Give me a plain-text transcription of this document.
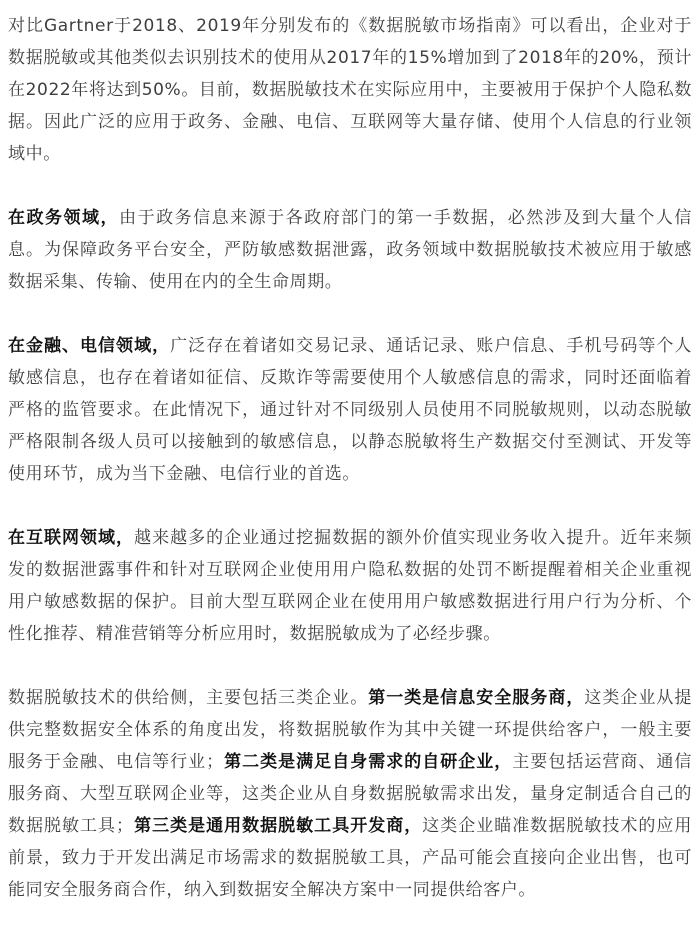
对比Gartner于2018、2019年分别发布的《数据脱敏市场指南》可以看出，企业对于数据脱敏或其他类似去识别技术的使用从2017年的15%增加到了2018年的20%，预计在2022年将达到50%。目前，数据脱敏技术在实际应用中，主要被用于保护个人隐私数据。因此广泛的应用于政务、金融、电信、互联网等大量存储、使用个人信息的行业领域中。

在政务领域，由于政务信息来源于各政府部门的第一手数据，必然涉及到大量个人信息。为保障政务平台安全，严防敏感数据泄露，政务领域中数据脱敏技术被应用于敏感数据采集、传输、使用在内的全生命周期。

在金融、电信领域，广泛存在着诸如交易记录、通话记录、账户信息、手机号码等个人敏感信息，也存在着诸如征信、反欺诈等需要使用个人敏感信息的需求，同时还面临着严格的监管要求。在此情况下，通过针对不同级别人员使用不同脱敏规则，以动态脱敏严格限制各级人员可以接触到的敏感信息，以静态脱敏将生产数据交付至测试、开发等使用环节，成为当下金融、电信行业的首选。

在互联网领域，越来越多的企业通过挖掘数据的额外价值实现业务收入提升。近年来频发的数据泄露事件和针对互联网企业使用用户隐私数据的处罚不断提醒着相关企业重视用户敏感数据的保护。目前大型互联网企业在使用用户敏感数据进行用户行为分析、个性化推荐、精准营销等分析应用时，数据脱敏成为了必经步骤。

数据脱敏技术的供给侧，主要包括三类企业。第一类是信息安全服务商，这类企业从提供完整数据安全体系的角度出发，将数据脱敏作为其中关键一环提供给客户，一般主要服务于金融、电信等行业；第二类是满足自身需求的自研企业，主要包括运营商、通信服务商、大型互联网企业等，这类企业从自身数据脱敏需求出发，量身定制适合自己的数据脱敏工具；第三类是通用数据脱敏工具开发商，这类企业瞄准数据脱敏技术的应用前景，致力于开发出满足市场需求的数据脱敏工具，产品可能会直接向企业出售，也可能同安全服务商合作，纳入到数据安全解决方案中一同提供给客户。
